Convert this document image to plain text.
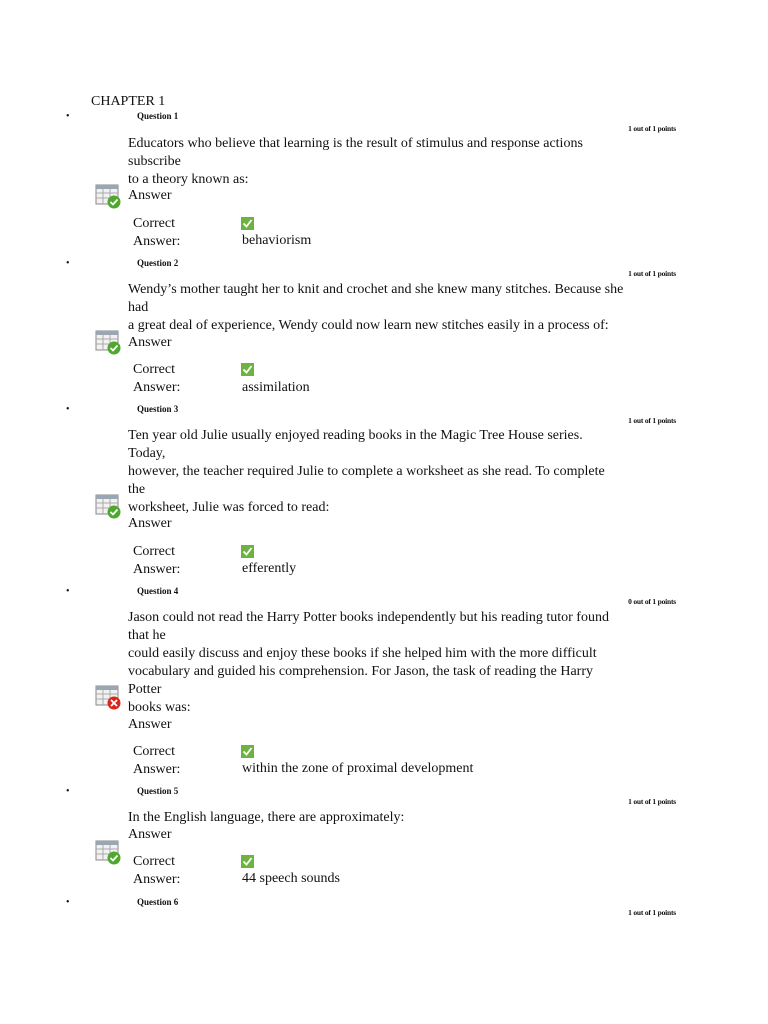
CHAPTER 1
•	Question 1
1 out of 1 points
Educators who believe that learning is the result of stimulus and response actions
subscribe
to a theory known as:
Answer
Correct
Answer:	behaviorism
•	Question 2
1 out of 1 points
Wendy’s mother taught her to knit and crochet and she knew many stitches. Because she
had
a great deal of experience, Wendy could now learn new stitches easily in a process of:
Answer
Correct
Answer:	assimilation
•	Question 3
1 out of 1 points
Ten year old Julie usually enjoyed reading books in the Magic Tree House series.
Today,
however, the teacher required Julie to complete a worksheet as she read. To complete
the
worksheet, Julie was forced to read:
Answer
Correct
Answer:	efferently
•	Question 4
0 out of 1 points
Jason could not read the Harry Potter books independently but his reading tutor found
that he
could easily discuss and enjoy these books if she helped him with the more difficult
vocabulary and guided his comprehension. For Jason, the task of reading the Harry
Potter
books was:
Answer
Correct
Answer:	within the zone of proximal development
•	Question 5
1 out of 1 points
In the English language, there are approximately:
Answer
Correct
Answer:	44 speech sounds
•	Question 6
1 out of 1 points
